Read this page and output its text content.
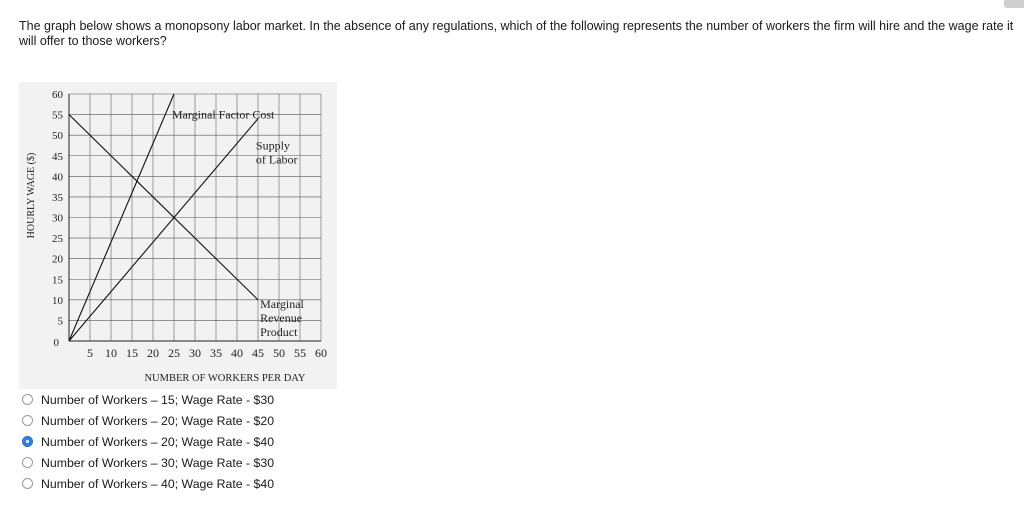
The graph below shows a monopsony labor market. In the absence of any regulations, which of the following represents the number of workers the firm will hire and the wage rate it will offer to those workers?

5
10
15
20
25
30
35
40
45
50
55
60
5 10 15 20 25 30 35 40 45 50 55 60
0
NUMBER OF WORKERS PER DAY
HOURLY WAGE ($)
Marginal Factor Cost
Supply
of Labor
Marginal
Revenue
Product
Number of Workers – 15; Wage Rate - $30
Number of Workers – 20; Wage Rate - $20
Number of Workers – 20; Wage Rate - $40
Number of Workers – 30; Wage Rate - $30
Number of Workers – 40; Wage Rate - $40
